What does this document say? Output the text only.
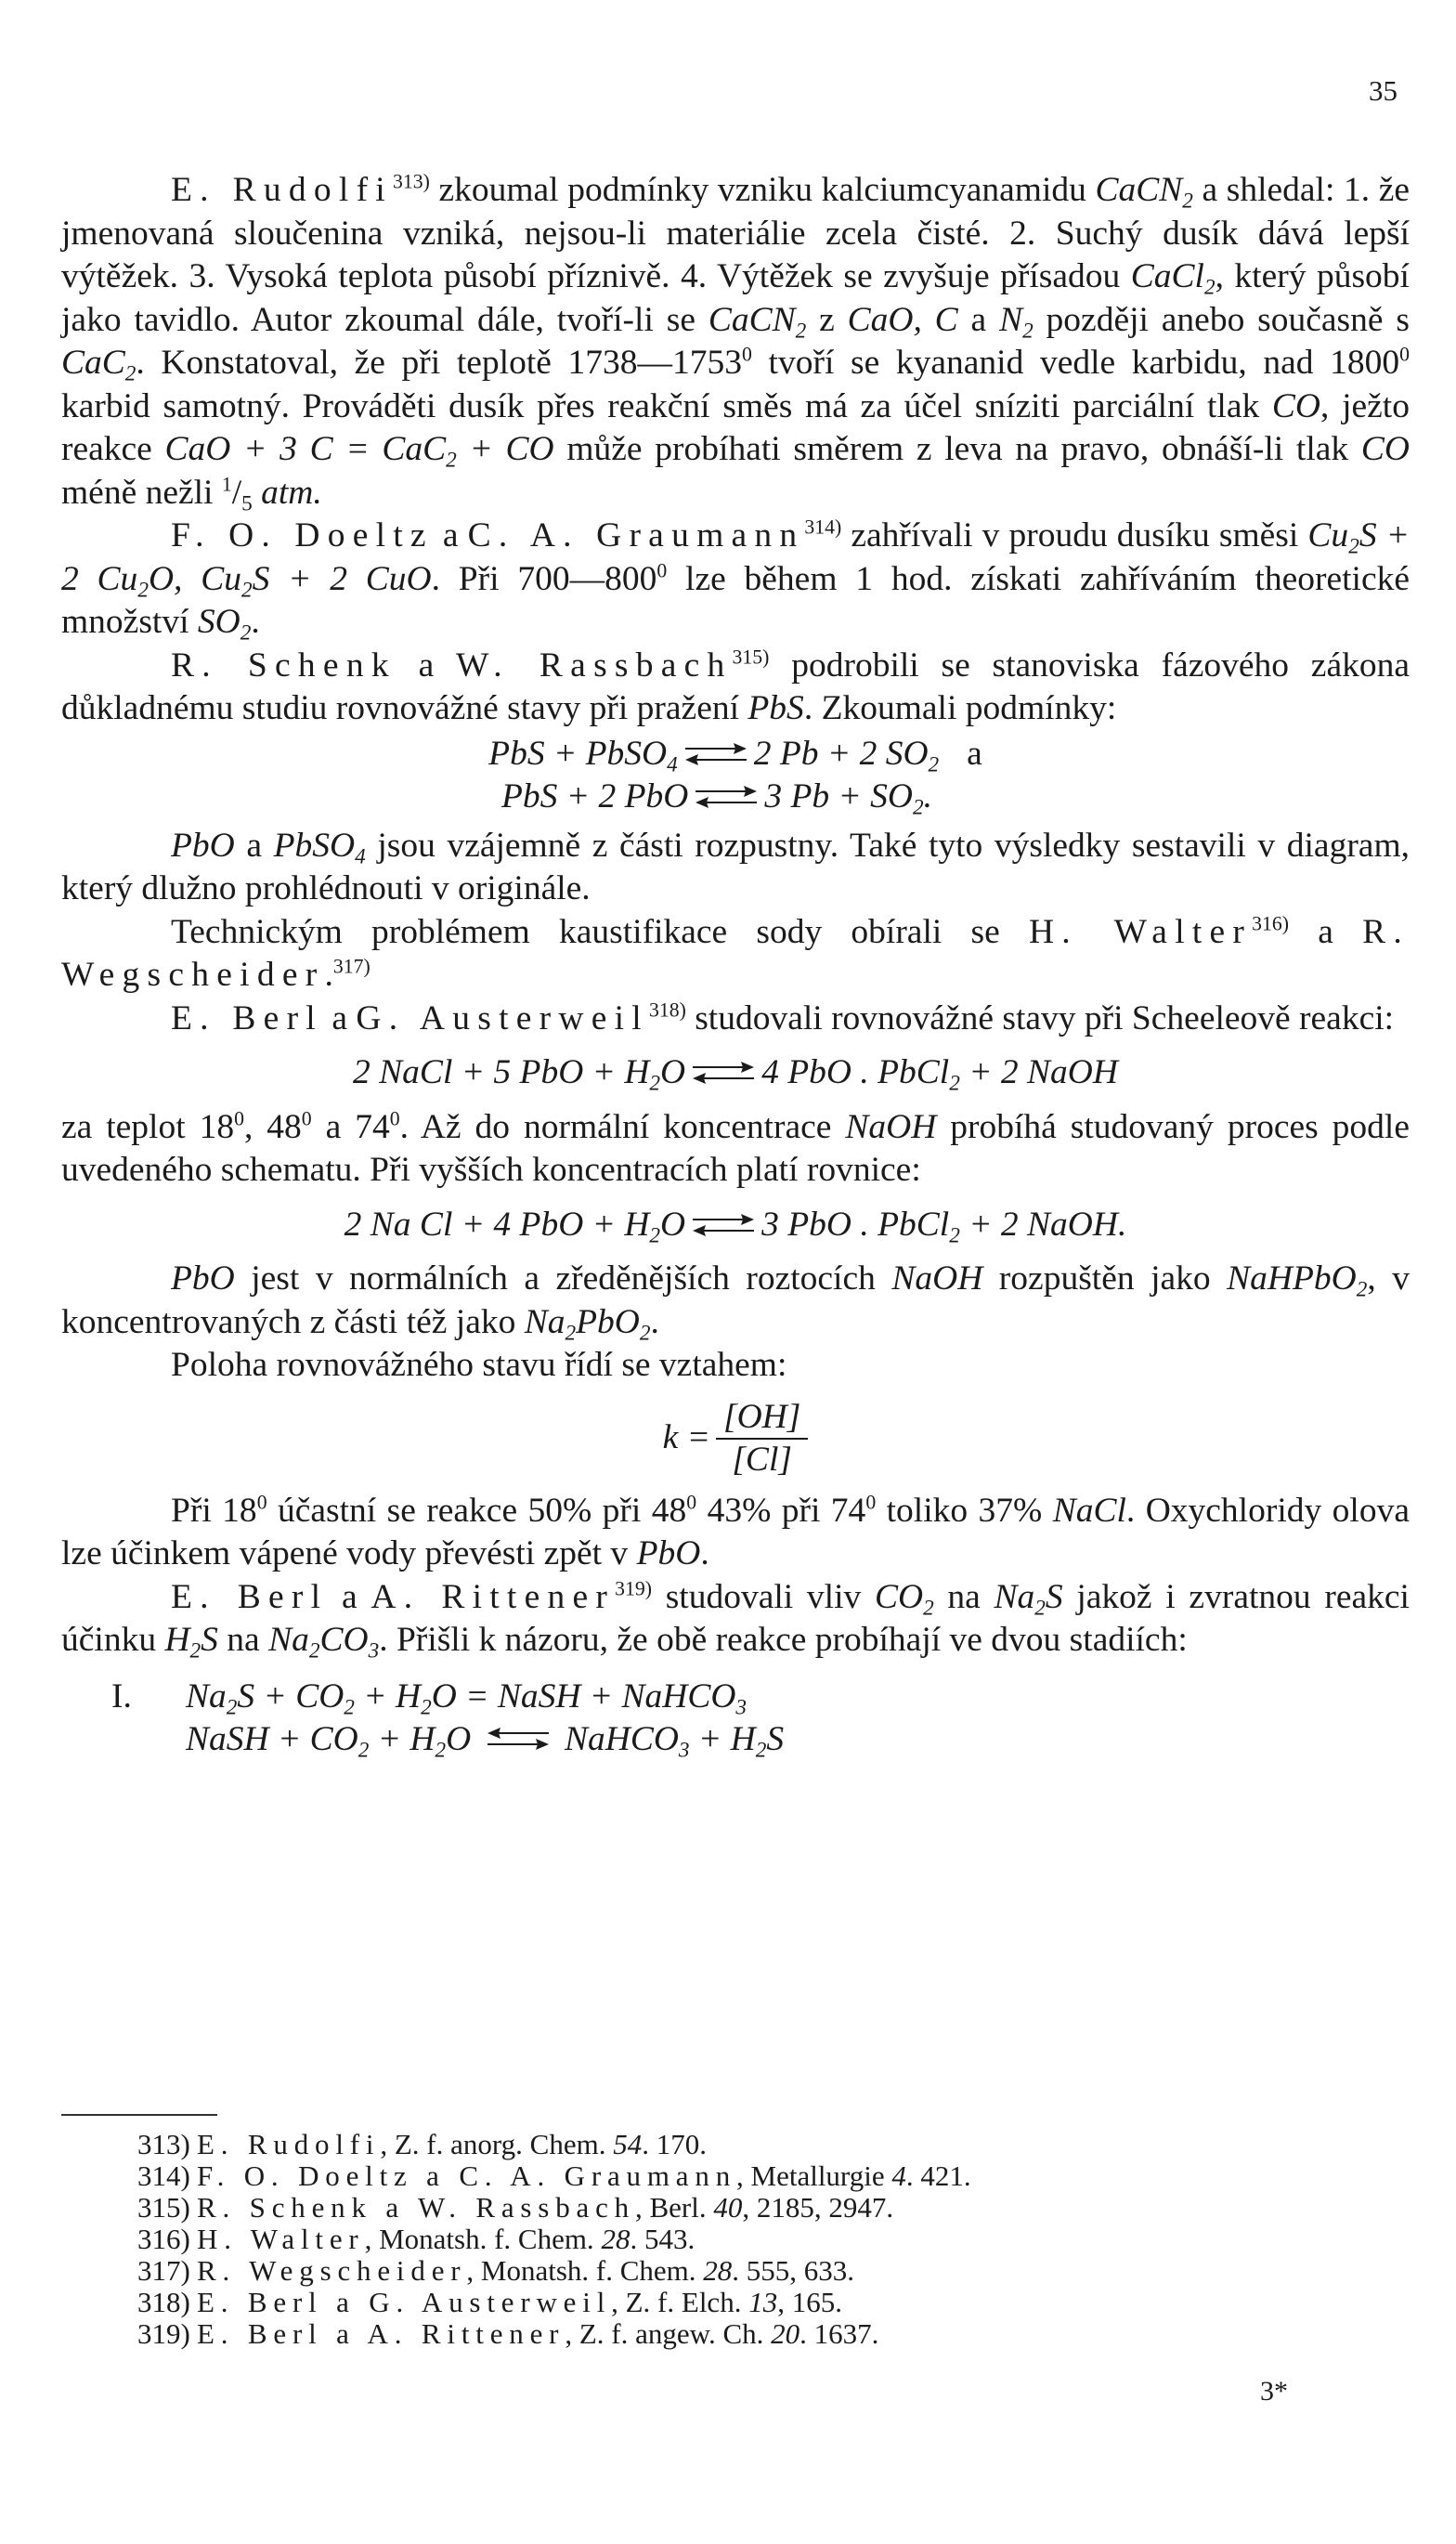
35

E. Rudolfi$^{313)}$ zkoumal podmínky vzniku kalciumcyanamidu CaCN$_2$ a shledal: 1. že jmenovaná sloučenina vzniká, nejsou-li materiálie zcela čisté. 2. Suchý dusík dává lepší výtěžek. 3. Vysoká teplota působí příznivě. 4. Výtěžek se zvyšuje přísadou CaCl$_2$, který působí jako tavidlo. Autor zkoumal dále, tvoří-li se CaCN$_2$ z CaO, C a $N_2$ později anebo současně s CaC$_2$. Konstatoval, že při teplotě 1738—1753$^0$ tvoří se kyananid vedle karbidu, nad 1800$^0$ karbid samotný. Prováděti dusík přes reakční směs má za účel sníziti parciální tlak CO, ježto reakce CaO + 3 C = CaC$_2$ + CO může probíhati směrem z leva na pravo, obnáší-li tlak CO méně nežli $^1/_5$ atm.

F. O. Doeltz a C. A. Graumann$^{314)}$ zahřívali v proudu dusíku směsi $Cu_2S + 2$ $Cu_2O$, $Cu_2S + 2$ CuO. Při $700—800^0$ lze během 1 hod. získati zahříváním theoretické množství $SO_2$.

R. Schenk a W. Rassbach$^{315)}$ podrobili se stanoviska fázového zákona důkladnému studiu rovnovážné stavy při pražení PbS. Zkoumali podmínky:

PbS + PbSO$_4$ 2 Pb + 2 $SO_2$ a
PbS + 2 PbO 3 $Pb + SO_2$.

PbO a PbSO$_4$ jsou vzájemně z části rozpustny. Také tyto výsledky sestavili v diagram, který dlužno prohlédnouti v originále.

Technickým problémem kaustifikace sody obírali se H. Walter$^{316)}$ a R. Wegscheider.$^{317)}$

E. Berl a G. Austerweil$^{318)}$ studovali rovnovážné stavy při Scheeleově reakci:

2 NaCl + 5 PbO + $H_2O$ 4 PbO . PbCl$_2$ + 2 NaOH

za teplot $18^0$, $48^0$ a $74^0$. Až do normální koncentrace NaOH probíhá studovaný proces podle uvedeného schematu. Při vyšších koncentracích platí rovnice:

2 Na Cl + 4 PbO + $H_2O$ 3 PbO . PbCl$_2$ + 2 NaOH.

PbO jest v normálních a zředěnějších roztocích NaOH rozpuštěn jako NaHPbO$_2$, v koncentrovaných z části též jako $Na_2PbO_2$.

Poloha rovnovážného stavu řídí se vztahem:

$k = \frac{[OH]}{[Cl]}$

Při $18^0$ účastní se reakce 50% při $48^0$ 43% při $74^0$ toliko 37% NaCl. Oxychloridy olova lze účinkem vápené vody převésti zpět v PbO.

E. Berl a A. Rittener$^{319)}$ studovali vliv $CO_2$ na $Na_2S$ jakož i zvratnou reakci účinku $H_2S$ na $Na_2CO_3$. Přišli k názoru, že obě reakce probíhají ve dvou stadiích:

I. $Na_2S + CO_2 + H_2O$ = NaSH + NaHCO$_3$
NaSH + $CO_2 + H_2O$	NaHCO$_3$ + $H_2S$
313) E. Rudolfi, Z. f. anorg. Chem. 54. 170.
314) F. O. Doeltz a C. A. Graumann, Metallurgie 4. 421.
315) R. Schenk a W. Rassbach, Berl. 40, 2185, 2947.
316) H. Walter, Monatsh. f. Chem. 28. 543.
317) R. Wegscheider, Monatsh. f. Chem. 28. 555, 633.
318) E. Berl a G. Austerweil, Z. f. Elch. 13, 165.
319) E. Berl a A. Rittener, Z. f. angew. Ch. 20. 1637.
3*
